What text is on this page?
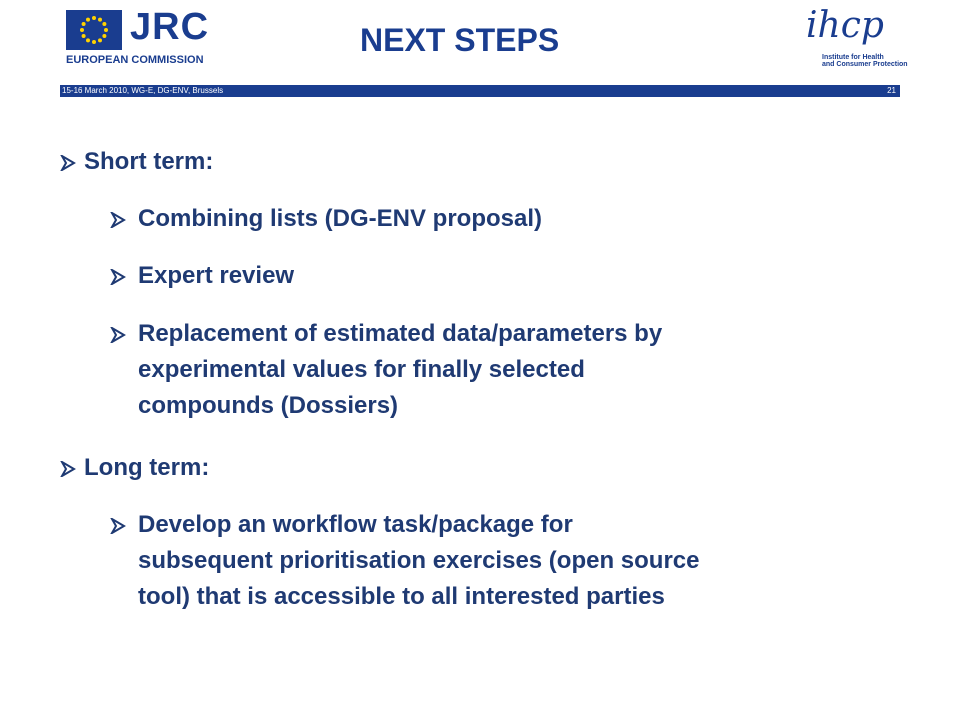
JRC
EUROPEAN COMMISSION
NEXT STEPS	ihcp
Institute for Health
and Consumer Protection
15-16 March 2010, WG-E, DG-ENV, Brussels	21
Short term:
Combining lists (DG-ENV proposal)
Expert review
Replacement of estimated data/parameters by
experimental values for finally selected
compounds (Dossiers)
Long term:
Develop an workflow task/package for
subsequent prioritisation exercises (open source
tool) that is accessible to all interested parties
